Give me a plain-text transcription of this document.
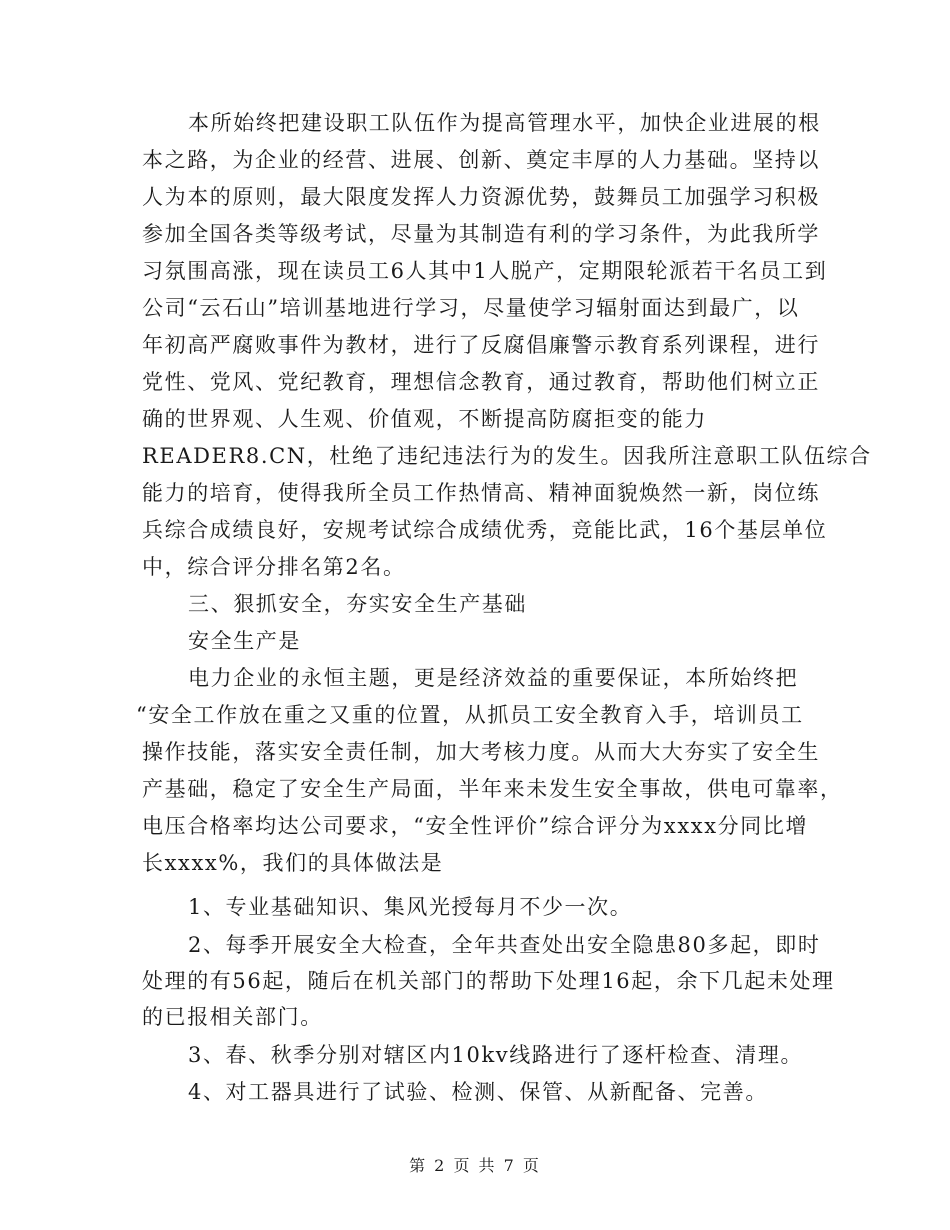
本所始终把建设职工队伍作为提高管理水平，加快企业进展的根
本之路，为企业的经营、进展、创新、奠定丰厚的人力基础。坚持以
人为本的原则，最大限度发挥人力资源优势，鼓舞员工加强学习积极
参加全国各类等级考试，尽量为其制造有利的学习条件，为此我所学
习氛围高涨，现在读员工6人其中1人脱产，定期限轮派若干名员工到
公司“云石山”培训基地进行学习，尽量使学习辐射面达到最广，以
年初高严腐败事件为教材，进行了反腐倡廉警示教育系列课程，进行
党性、党风、党纪教育，理想信念教育，通过教育，帮助他们树立正
确的世界观、人生观、价值观，不断提高防腐拒变的能力
READER8.CN，杜绝了违纪违法行为的发生。因我所注意职工队伍综合
能力的培育，使得我所全员工作热情高、精神面貌焕然一新，岗位练
兵综合成绩良好，安规考试综合成绩优秀，竞能比武，16个基层单位
中，综合评分排名第2名。
三、狠抓安全，夯实安全生产基础
安全生产是
电力企业的永恒主题，更是经济效益的重要保证，本所始终把
“安全工作放在重之又重的位置，从抓员工安全教育入手，培训员工
操作技能，落实安全责任制，加大考核力度。从而大大夯实了安全生
产基础，稳定了安全生产局面，半年来未发生安全事故，供电可靠率，
电压合格率均达公司要求，“安全性评价”综合评分为xxxx分同比增
长xxxx%，我们的具体做法是
1、专业基础知识、集风光授每月不少一次。
2、每季开展安全大检查，全年共查处出安全隐患80多起，即时
处理的有56起，随后在机关部门的帮助下处理16起，余下几起未处理
的已报相关部门。
3、春、秋季分别对辖区内10kv线路进行了逐杆检查、清理。
4、对工器具进行了试验、检测、保管、从新配备、完善。
第 2 页 共 7 页
